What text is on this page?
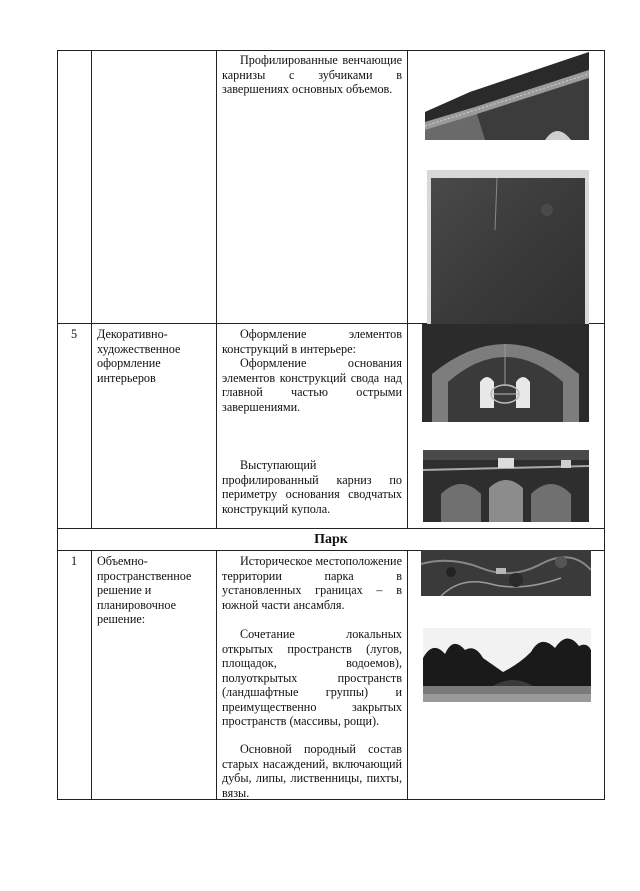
Профилированные венчающие карнизы с зубчиками в завершениях основных объемов.
5	Декоративно-художественное оформление интерьеров
Оформление элементов конструкций в интерьере:
Оформление основания элементов конструкций свода над главной частью острыми завершениями.
Выступающий профилированный карниз по периметру основания сводчатых конструкций купола.
Парк
1	Объемно-пространственное решение и планировочное решение:
Историческое местоположение территории парка в установленных границах – в южной части ансамбля.
Сочетание локальных открытых пространств (лугов, площадок, водоемов), полуоткрытых пространств (ландшафтные группы) и преимущественно закрытых пространств (массивы, рощи).
Основной породный состав старых насаждений, включающий дубы, липы, лиственницы, пихты, вязы.
